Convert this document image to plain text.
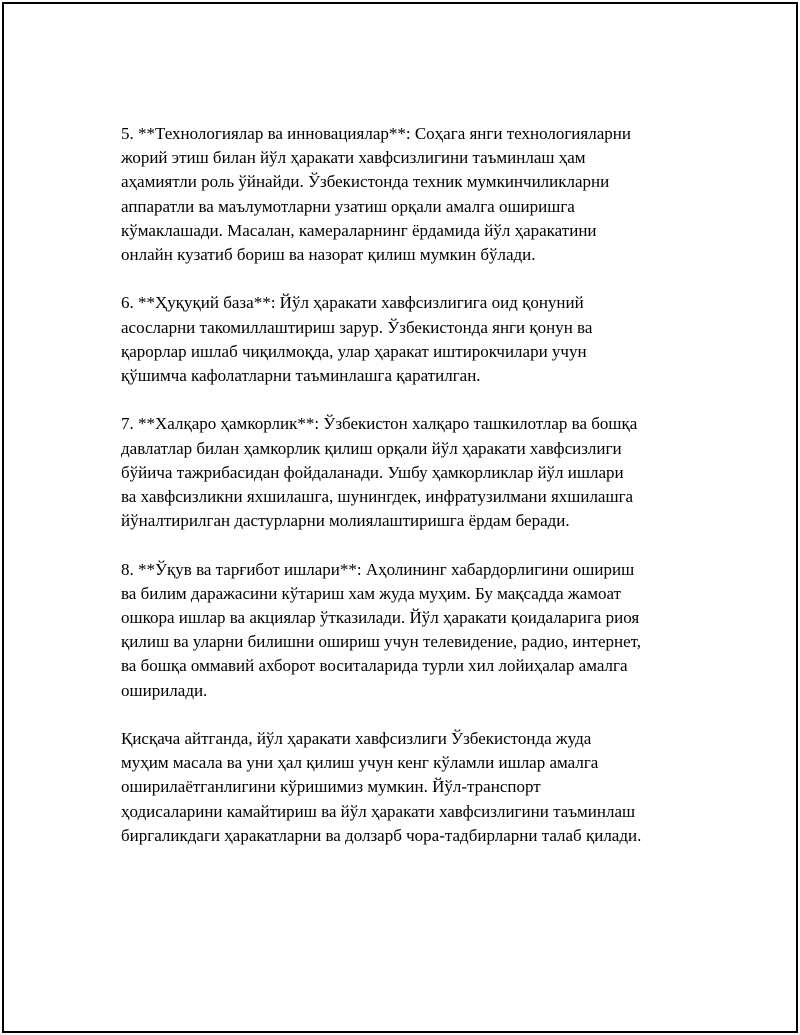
5. **Технологиялар ва инновациялар**: Соҳага янги технологияларни
жорий этиш билан йўл ҳаракати хавфсизлигини таъминлаш ҳам
аҳамиятли роль ўйнайди. Ўзбекистонда техник мумкинчиликларни
аппаратли ва маълумотларни узатиш орқали амалга оширишга
кўмаклашади. Масалан, камераларнинг ёрдамида йўл ҳаракатини
онлайн кузатиб бориш ва назорат қилиш мумкин бўлади.

6. **Ҳуқуқий база**: Йўл ҳаракати хавфсизлигига оид қонуний
асосларни такомиллаштириш зарур. Ўзбекистонда янги қонун ва
қарорлар ишлаб чиқилмоқда, улар ҳаракат иштирокчилари учун
қўшимча кафолатларни таъминлашга қаратилган.

7. **Халқаро ҳамкорлик**: Ўзбекистон халқаро ташкилотлар ва бошқа
давлатлар билан ҳамкорлик қилиш орқали йўл ҳаракати хавфсизлиги
бўйича тажрибасидан фойдаланади. Ушбу ҳамкорликлар йўл ишлари
ва хавфсизликни яхшилашга, шунингдек, инфратузилмани яхшилашга
йўналтирилган дастурларни молиялаштиришга ёрдам беради.

8. **Ўқув ва тарғибот ишлари**: Аҳолининг хабардорлигини ошириш
ва билим даражасини кўтариш хам жуда муҳим. Бу мақсадда жамоат
ошкора ишлар ва акциялар ўтказилади. Йўл ҳаракати қоидаларига риоя
қилиш ва уларни билишни ошириш учун телевидение, радио, интернет,
ва бошқа оммавий ахборот воситаларида турли хил лойиҳалар амалга
оширилади.

Қисқача айтганда, йўл ҳаракати хавфсизлиги Ўзбекистонда жуда
муҳим масала ва уни ҳал қилиш учун кенг кўламли ишлар амалга
оширилаётганлигини кўришимиз мумкин. Йўл-транспорт
ҳодисаларини камайтириш ва йўл ҳаракати хавфсизлигини таъминлаш
биргаликдаги ҳаракатларни ва долзарб чора-тадбирларни талаб қилади.
